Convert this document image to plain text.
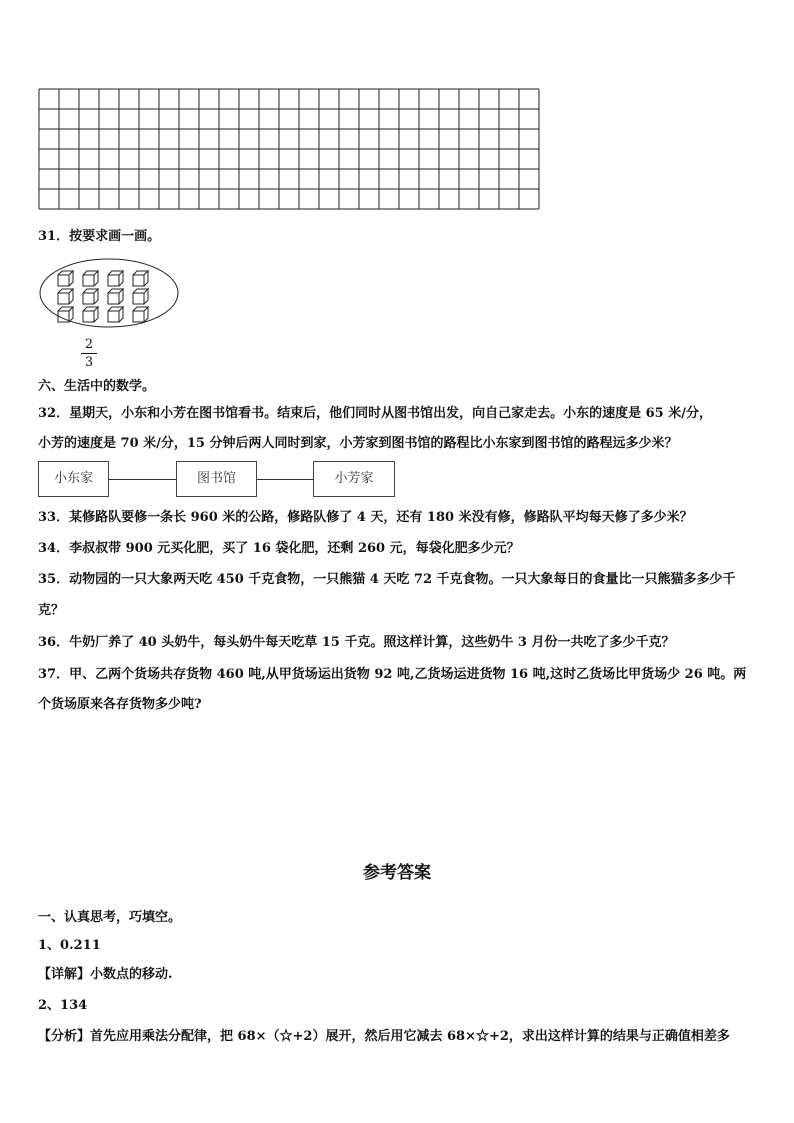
31．按要求画一画。
2
3
六、生活中的数学。
32．星期天，小东和小芳在图书馆看书。结束后，他们同时从图书馆出发，向自己家走去。小东的速度是 65 米/分，
小芳的速度是 70 米/分，15 分钟后两人同时到家，小芳家到图书馆的路程比小东家到图书馆的路程远多少米？
小东家	图书馆	小芳家
33．某修路队要修一条长 960 米的公路，修路队修了 4 天，还有 180 米没有修，修路队平均每天修了多少米？
34．李叔叔带 900 元买化肥，买了 16 袋化肥，还剩 260 元，每袋化肥多少元？
35．动物园的一只大象两天吃 450 千克食物，一只熊猫 4 天吃 72 千克食物。一只大象每日的食量比一只熊猫多多少千
克？
36．牛奶厂养了 40 头奶牛，每头奶牛每天吃草 15 千克。照这样计算，这些奶牛 3 月份一共吃了多少千克？
37．甲、乙两个货场共存货物 460 吨,从甲货场运出货物 92 吨,乙货场运进货物 16 吨,这时乙货场比甲货场少 26 吨。两
个货场原来各存货物多少吨?
参考答案
一、认真思考，巧填空。
1、0.211
【详解】小数点的移动.
2、134
【分析】首先应用乘法分配律，把 68×（☆+2）展开，然后用它减去 68×☆+2，求出这样计算的结果与正确值相差多
